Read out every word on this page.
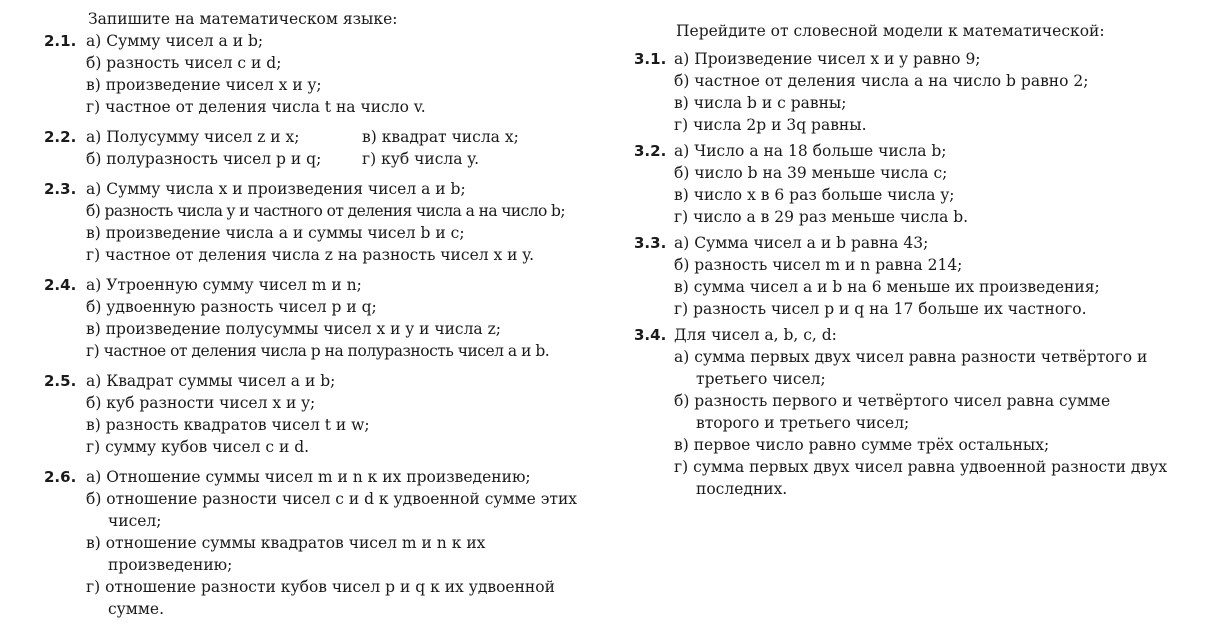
Запишите на математическом языке:
2.1. а) Сумму чисел a и b;
б) разность чисел c и d;
в) произведение чисел x и y;
г) частное от деления числа t на число v.
2.2. а) Полусумму чисел z и x;	в) квадрат числа x;
б) полуразность чисел p и q;	г) куб числа y.
2.3. а) Сумму числа x и произведения чисел a и b;
б) разность числа y и частного от деления числа a на число b;
в) произведение числа a и суммы чисел b и c;
г) частное от деления числа z на разность чисел x и y.
2.4. а) Утроенную сумму чисел m и n;
б) удвоенную разность чисел p и q;
в) произведение полусуммы чисел x и y и числа z;
г) частное от деления числа p на полуразность чисел a и b.
2.5. а) Квадрат суммы чисел a и b;
б) куб разности чисел x и y;
в) разность квадратов чисел t и w;
г) сумму кубов чисел c и d.
2.6. а) Отношение суммы чисел m и n к их произведению;
б) отношение разности чисел c и d к удвоенной сумме этих чисел;
в) отношение суммы квадратов чисел m и n к их произведению;
г) отношение разности кубов чисел p и q к их удвоенной сумме.
Перейдите от словесной модели к математической:
3.1. а) Произведение чисел x и y равно 9;
б) частное от деления числа a на число b равно 2;
в) числа b и c равны;
г) числа 2p и 3q равны.
3.2. а) Число a на 18 больше числа b;
б) число b на 39 меньше числа c;
в) число x в 6 раз больше числа y;
г) число a в 29 раз меньше числа b.
3.3. а) Сумма чисел a и b равна 43;
б) разность чисел m и n равна 214;
в) сумма чисел a и b на 6 меньше их произведения;
г) разность чисел p и q на 17 больше их частного.
3.4. Для чисел a, b, c, d:
а) сумма первых двух чисел равна разности четвёртого и третьего чисел;
б) разность первого и четвёртого чисел равна сумме второго и третьего чисел;
в) первое число равно сумме трёх остальных;
г) сумма первых двух чисел равна удвоенной разности двух последних.
